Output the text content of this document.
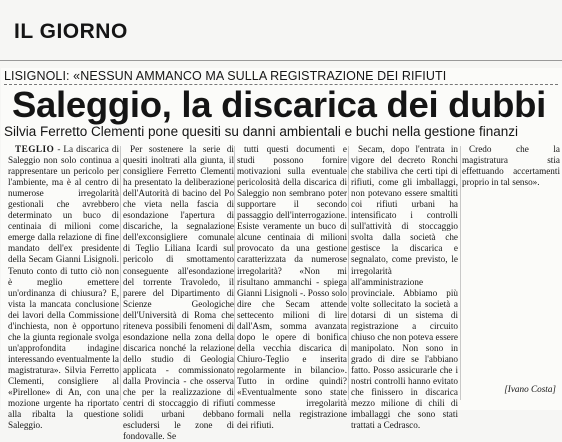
IL GIORNO
LISIGNOLI: «NESSUN AMMANCO MA SULLA REGISTRAZIONE DEI RIFIUTI
Saleggio, la discarica dei dubbi
Silvia Ferretto Clementi pone quesiti su danni ambientali e buchi nella gestione finanzi

TEGLIO - La discarica di Saleggio non solo continua a rappresentare un pericolo per l'ambiente, ma è al centro di numerose irregolarità gestionali che avrebbero determinato un buco di centinaia di milioni come emerge dalla relazione di fine mandato dell'ex presidente della Secam Gianni Lisignoli. Tenuto conto di tutto ciò non è meglio emettere un'ordinanza di chiusura? E, vista la mancata conclusione dei lavori della Commissione d'inchiesta, non è opportuno che la giunta regionale svolga un'approfondita indagine interessando eventualmente la magistratura». Silvia Ferretto Clementi, consigliere al «Pirellone» di An, con una mozione urgente ha riportato alla ribalta la questione Saleggio.

Per sostenere la serie di quesiti inoltrati alla giunta, il consigliere Ferretto Clementi ha presentato la deliberazione dell'Autorità di bacino del Po che vieta nella fascia di esondazione l'apertura di discariche, la segnalazione dell'exconsigliere comunale di Teglio Liliana Icardi sul pericolo di smottamento conseguente all'esondazione del torrente Travoledo, il parere del Dipartimento di Scienze Geologiche dell'Università di Roma che riteneva possibili fenomeni di esondazione nella zona della discarica nonché la relazione dello studio di Geologia applicata - commissionato dalla Provincia - che osserva che per la realizzazione di centri di stoccaggio di rifiuti solidi urbani debbano escludersi le zone di fondovalle. Se

tutti questi documenti e studi possono fornire motivazioni sulla eventuale pericolosità della discarica di Saleggio non sembrano poter supportare il secondo passaggio dell'interrogazione. Esiste veramente un buco di alcune centinaia di milioni provocato da una gestione caratterizzata da numerose irregolarità? «Non mi risultano ammanchi - spiega Gianni Lisignoli -. Posso solo dire che Secam attende settecento milioni di lire dall'Asm, somma avanzata dopo le opere di bonifica della vecchia discarica di Chiuro-Teglio e inserita regolarmente in bilancio». Tutto in ordine quindi? «Eventualmente sono state commesse irregolarità formali nella registrazione dei rifiuti.

Secam, dopo l'entrata in vigore del decreto Ronchi che stabiliva che certi tipi di rifiuti, come gli imballaggi, non potevano essere smaltiti coi rifiuti urbani ha intensificato i controlli sull'attività di stoccaggio svolta dalla società che gestisce la discarica e segnalato, come previsto, le irregolarità all'amministrazione provinciale. Abbiamo più volte sollecitato la società a dotarsi di un sistema di registrazione a circuito chiuso che non poteva essere manipolato. Non sono in grado di dire se l'abbiano fatto. Posso assicurarle che i nostri controlli hanno evitato che finissero in discarica mezzo milione di chili di imballaggi che sono stati trattati a Cedrasco.

Credo che la magistratura stia effettuando accertamenti proprio in tal senso».

[Ivano Costa]
